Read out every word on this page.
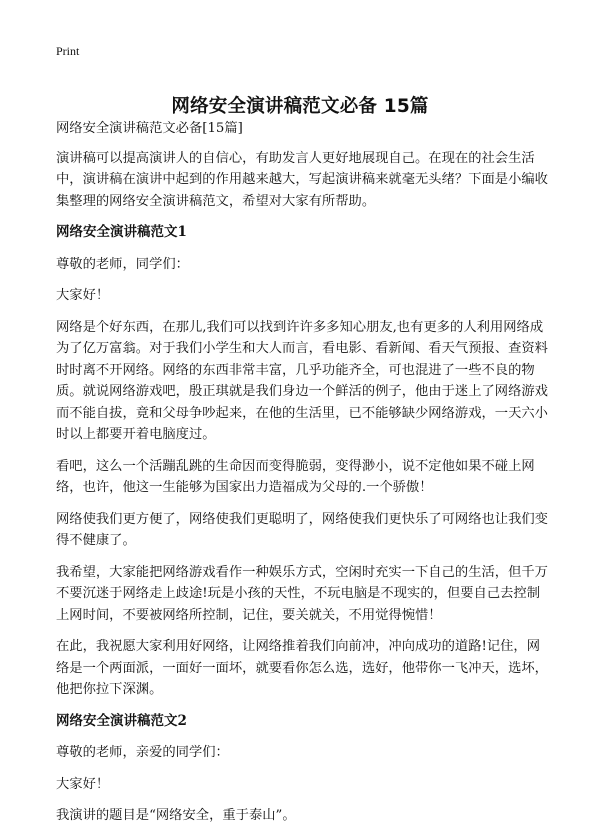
Print
网络安全演讲稿范文必备 15篇

网络安全演讲稿范文必备[15篇]

演讲稿可以提高演讲人的自信心，有助发言人更好地展现自己。在现在的社会生活中，演讲稿在演讲中起到的作用越来越大，写起演讲稿来就毫无头绪？下面是小编收集整理的网络安全演讲稿范文，希望对大家有所帮助。

网络安全演讲稿范文1

尊敬的老师，同学们：

大家好！

网络是个好东西，在那儿,我们可以找到许许多多知心朋友,也有更多的人利用网络成为了亿万富翁。对于我们小学生和大人而言，看电影、看新闻、看天气预报、查资料时时离不开网络。网络的东西非常丰富，几乎功能齐全，可也混进了一些不良的物质。就说网络游戏吧，殷正琪就是我们身边一个鲜活的例子，他由于迷上了网络游戏而不能自拔，竟和父母争吵起来，在他的生活里，已不能够缺少网络游戏，一天六小时以上都要开着电脑度过。

看吧，这么一个活蹦乱跳的生命因而变得脆弱，变得渺小，说不定他如果不碰上网络，也许，他这一生能够为国家出力造福成为父母的.一个骄傲！

网络使我们更方便了，网络使我们更聪明了，网络使我们更快乐了可网络也让我们变得不健康了。

我希望，大家能把网络游戏看作一种娱乐方式，空闲时充实一下自己的生活，但千万不要沉迷于网络走上歧途!玩是小孩的天性，不玩电脑是不现实的，但要自己去控制上网时间，不要被网络所控制，记住，要关就关，不用觉得惋惜！

在此，我祝愿大家利用好网络，让网络推着我们向前冲，冲向成功的道路!记住，网络是一个两面派，一面好一面坏，就要看你怎么选，选好，他带你一飞冲天，选坏，他把你拉下深渊。

网络安全演讲稿范文2

尊敬的老师，亲爱的同学们：

大家好！

我演讲的题目是“网络安全，重于泰山”。
